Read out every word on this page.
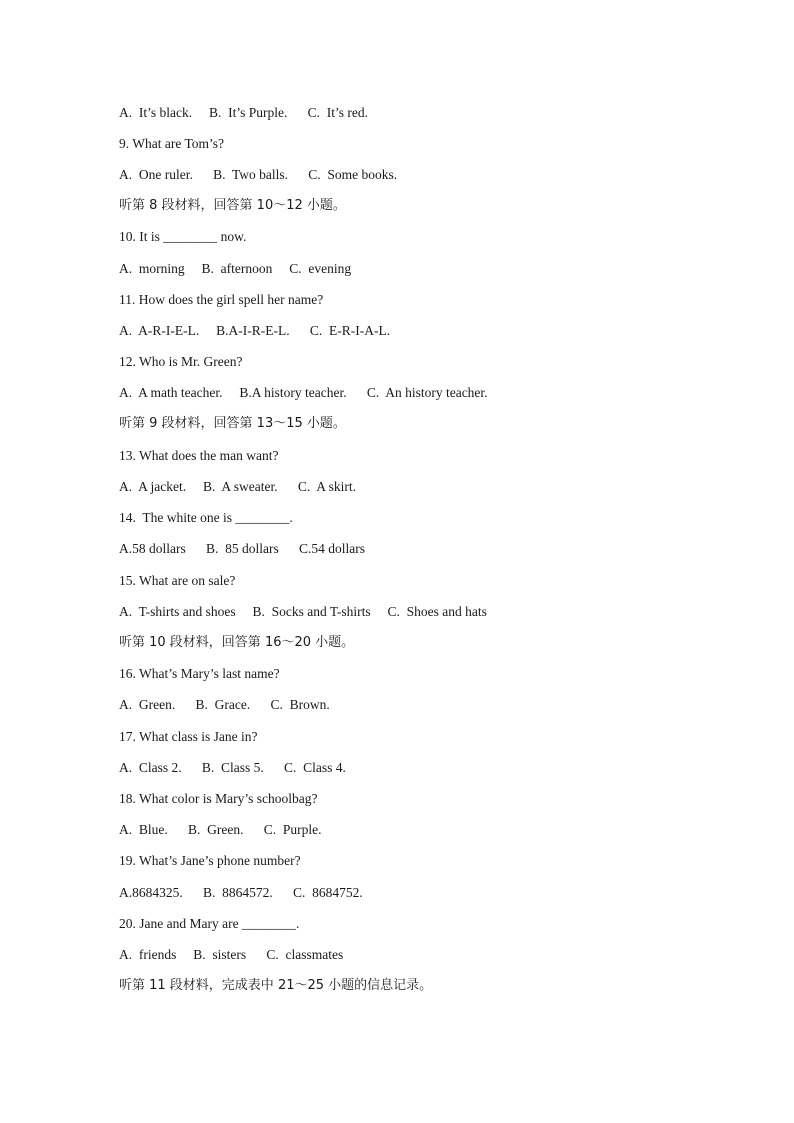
A.  It’s black.     B.  It’s Purple.      C.  It’s red.
9. What are Tom’s?
A.  One ruler.      B.  Two balls.      C.  Some books.
听第 8 段材料，回答第 10～12 小题。
10. It is ________ now.
A.  morning     B.  afternoon     C.  evening
11. How does the girl spell her name?
A.  A-R-I-E-L.     B.A-I-R-E-L.      C.  E-R-I-A-L.
12. Who is Mr. Green?
A.  A math teacher.     B.A history teacher.      C.  An history teacher.
听第 9 段材料，回答第 13～15 小题。
13. What does the man want?
A.  A jacket.     B.  A sweater.      C.  A skirt.
14.  The white one is ________.
A.58 dollars      B.  85 dollars      C.54 dollars
15. What are on sale?
A.  T-shirts and shoes     B.  Socks and T-shirts     C.  Shoes and hats
听第 10 段材料，回答第 16～20 小题。
16. What’s Mary’s last name?
A.  Green.      B.  Grace.      C.  Brown.
17. What class is Jane in?
A.  Class 2.      B.  Class 5.      C.  Class 4.
18. What color is Mary’s schoolbag?
A.  Blue.      B.  Green.      C.  Purple.
19. What’s Jane’s phone number?
A.8684325.      B.  8864572.      C.  8684752.
20. Jane and Mary are ________.
A.  friends     B.  sisters      C.  classmates
听第 11 段材料，完成表中 21～25 小题的信息记录。
